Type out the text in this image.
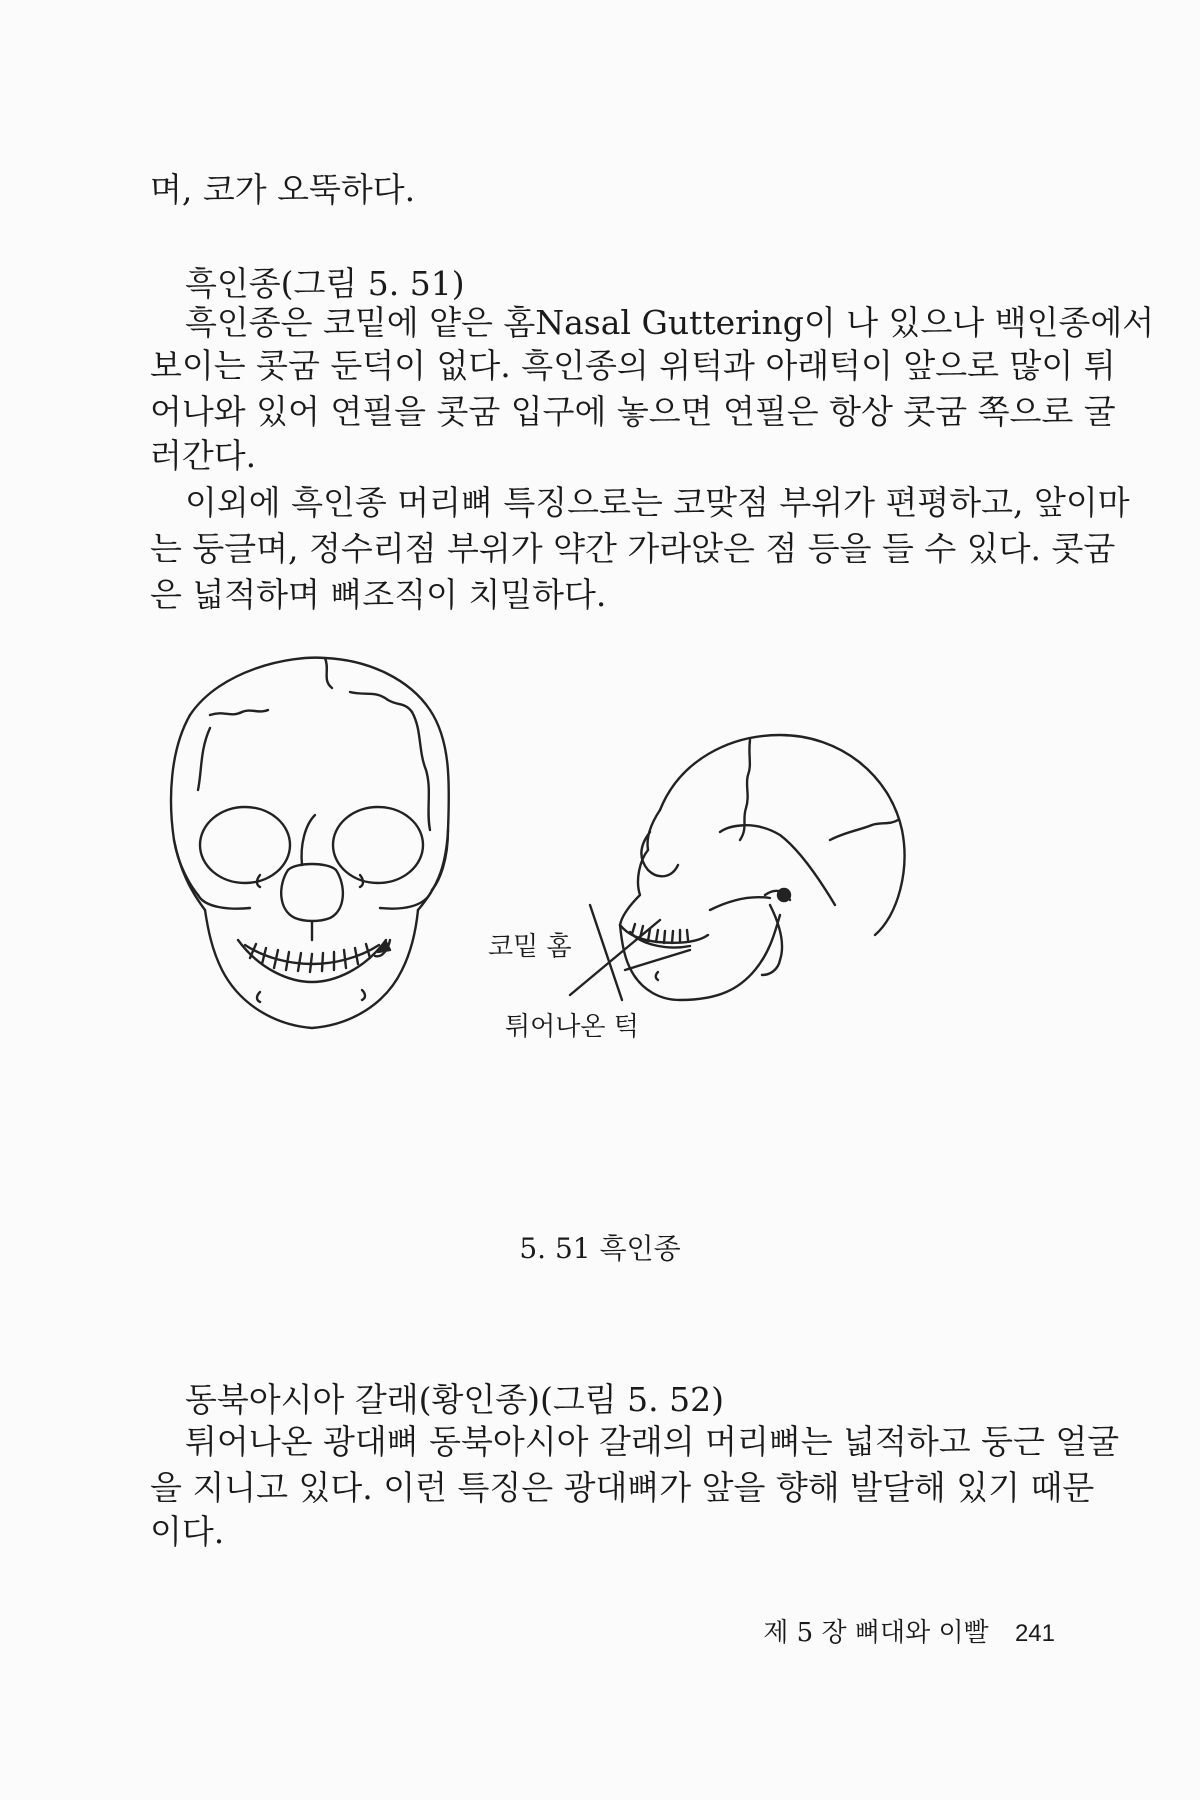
며, 코가 오뚝하다.
흑인종(그림 5. 51)
흑인종은 코밑에 얕은 홈Nasal Guttering이 나 있으나 백인종에서
보이는 콧굼 둔덕이 없다. 흑인종의 위턱과 아래턱이 앞으로 많이 튀
어나와 있어 연필을 콧굼 입구에 놓으면 연필은 항상 콧굼 쪽으로 굴
러간다.
이외에 흑인종 머리뼈 특징으로는 코맞점 부위가 편평하고, 앞이마
는 둥글며, 정수리점 부위가 약간 가라앉은 점 등을 들 수 있다. 콧굼
은 넓적하며 뼈조직이 치밀하다.
코밑 홈
튀어나온 턱
5. 51 흑인종
동북아시아 갈래(황인종)(그림 5. 52)
튀어나온 광대뼈 동북아시아 갈래의 머리뼈는 넓적하고 둥근 얼굴
을 지니고 있다. 이런 특징은 광대뼈가 앞을 향해 발달해 있기 때문
이다.
제 5 장 뼈대와 이빨 241
